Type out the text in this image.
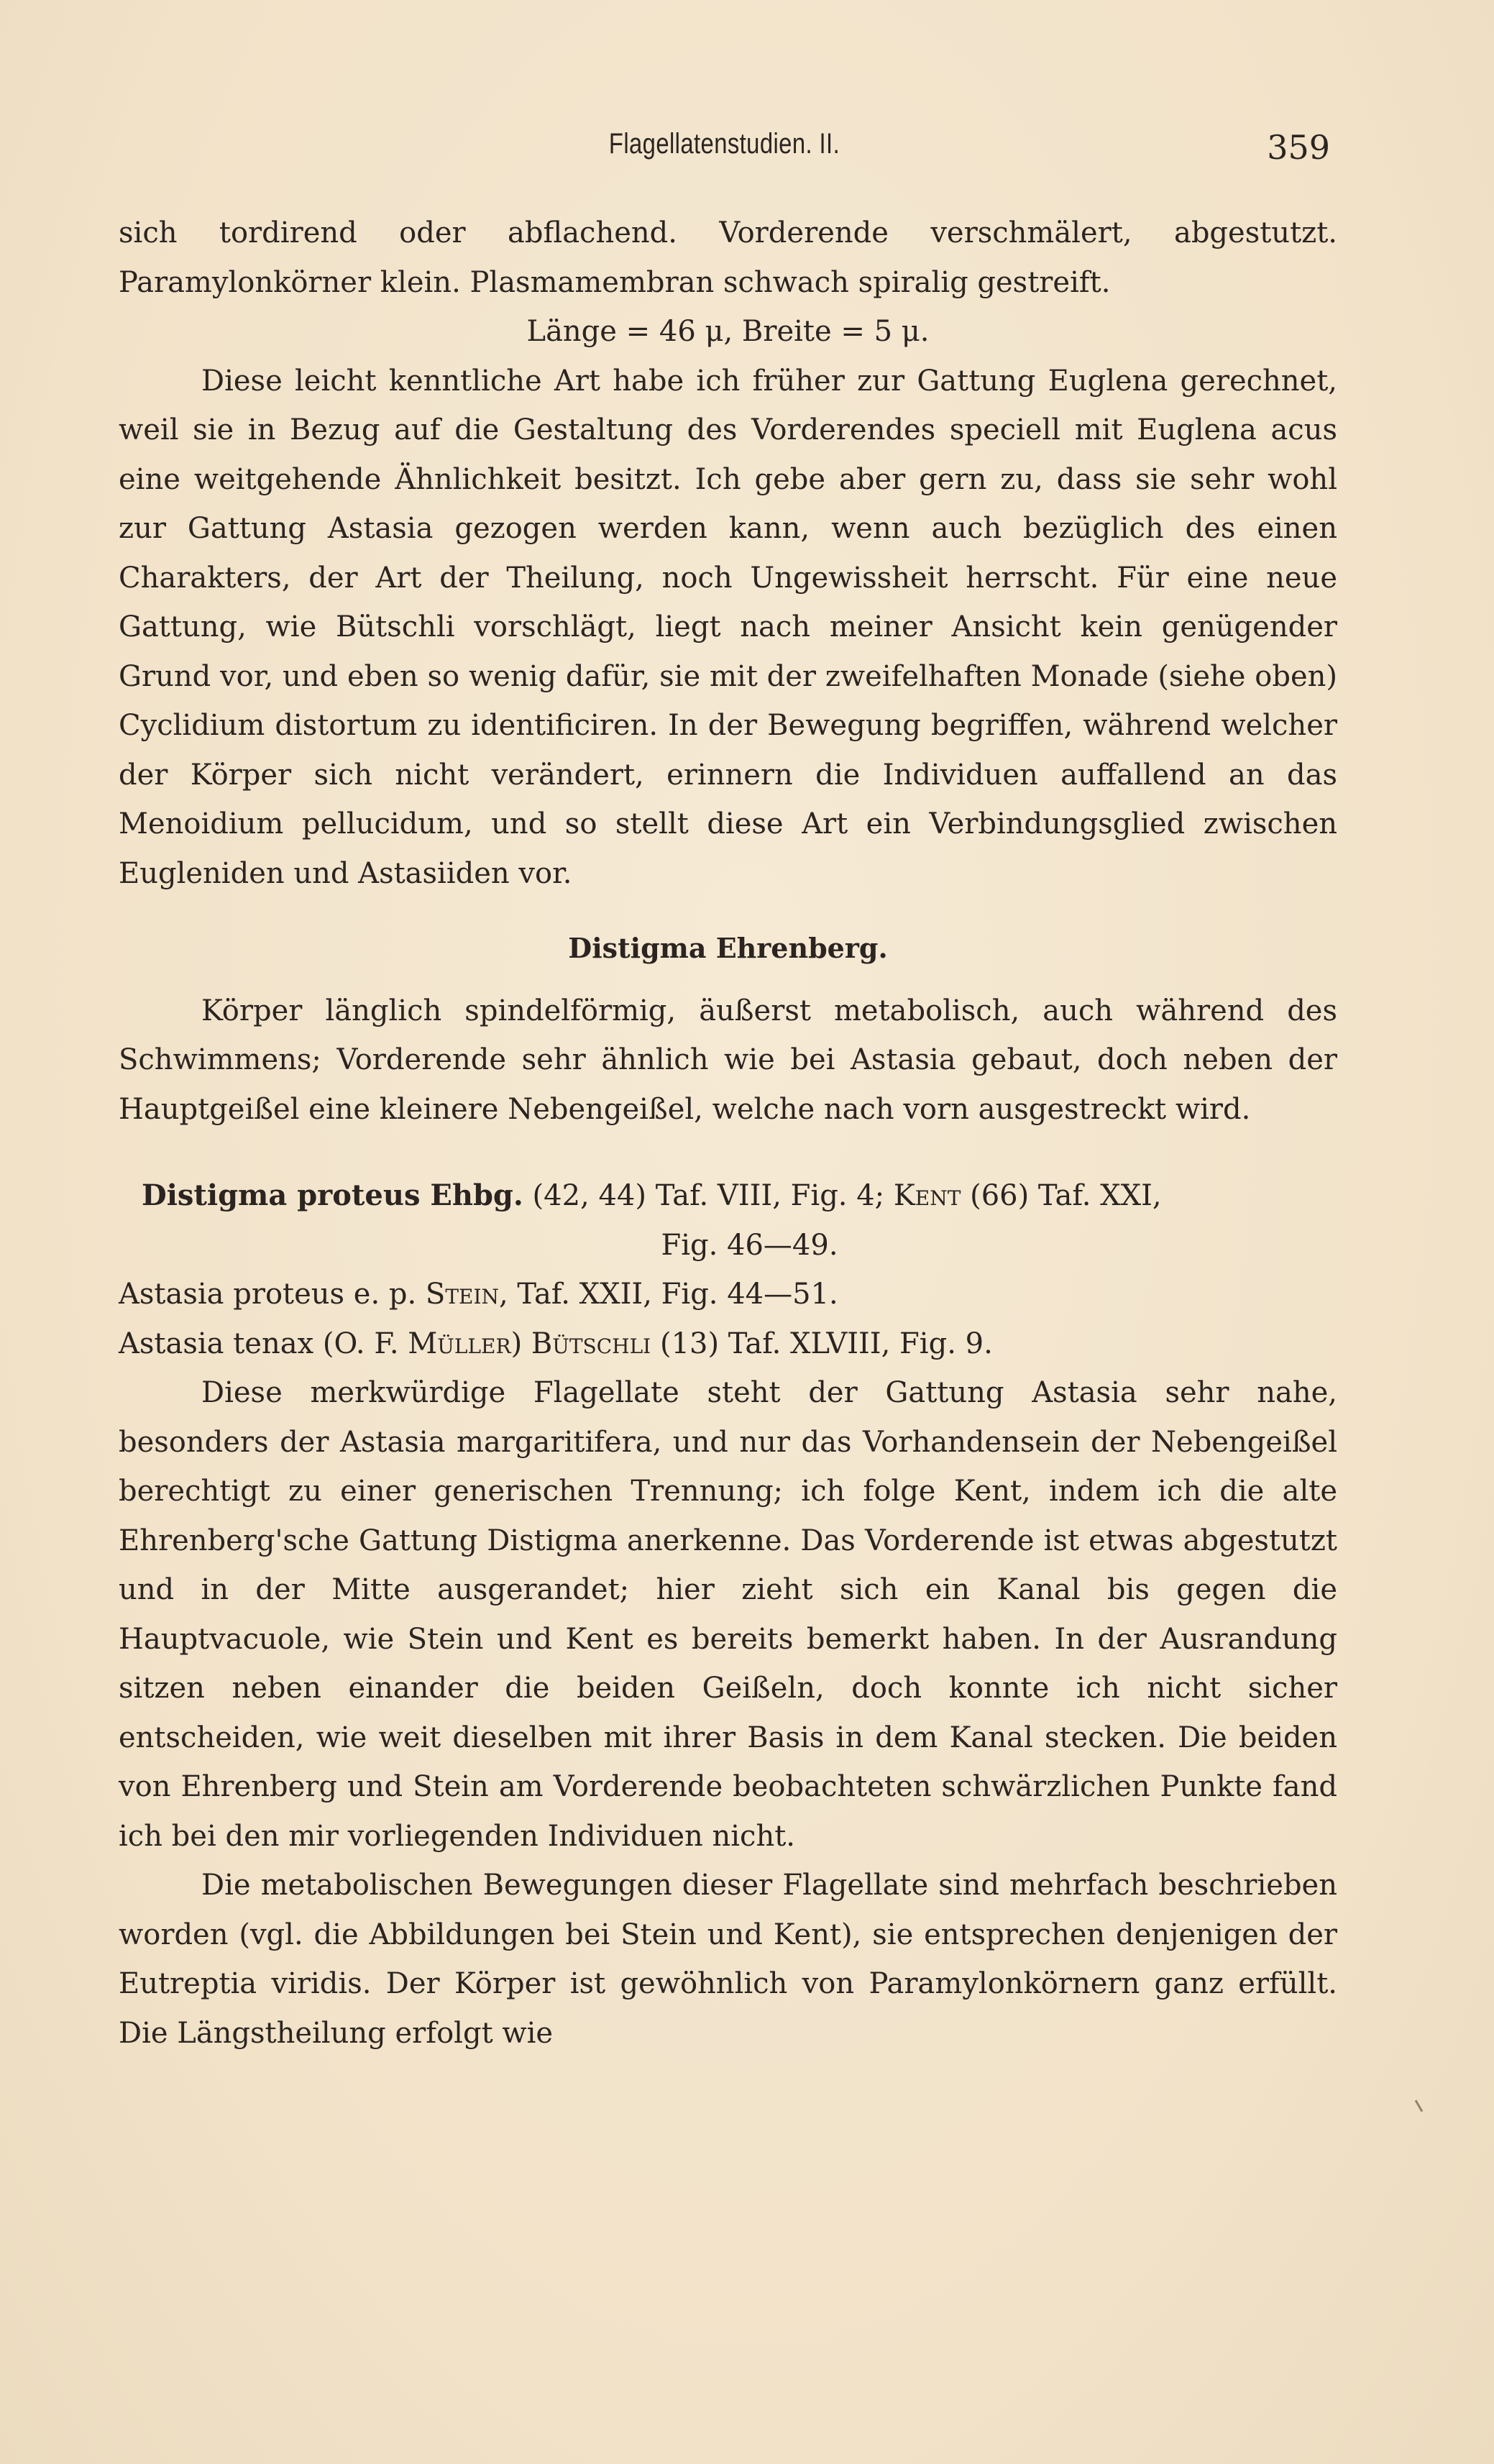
Flagellatenstudien. II.	359

sich tordirend oder abflachend. Vorderende verschmälert, abgestutzt. Paramylonkörner klein. Plasmamembran schwach spiralig gestreift.

Länge = 46 μ, Breite = 5 μ.

Diese leicht kenntliche Art habe ich früher zur Gattung Euglena gerechnet, weil sie in Bezug auf die Gestaltung des Vorderendes speciell mit Euglena acus eine weitgehende Ähnlichkeit besitzt. Ich gebe aber gern zu, dass sie sehr wohl zur Gattung Astasia gezogen werden kann, wenn auch bezüglich des einen Charakters, der Art der Theilung, noch Ungewissheit herrscht. Für eine neue Gattung, wie Bütschli vorschlägt, liegt nach meiner Ansicht kein genügender Grund vor, und eben so wenig dafür, sie mit der zweifelhaften Monade (siehe oben) Cyclidium distortum zu identificiren. In der Bewegung begriffen, während welcher der Körper sich nicht verändert, erinnern die Individuen auffallend an das Menoidium pellucidum, und so stellt diese Art ein Verbindungsglied zwischen Eugleniden und Astasiiden vor.

Distigma Ehrenberg.

Körper länglich spindelförmig, äußerst metabolisch, auch während des Schwimmens; Vorderende sehr ähnlich wie bei Astasia gebaut, doch neben der Hauptgeißel eine kleinere Nebengeißel, welche nach vorn ausgestreckt wird.

Distigma proteus Ehbg. (42, 44) Taf. VIII, Fig. 4; Kent (66) Taf. XXI,

Fig. 46—49.

Astasia proteus e. p. Stein, Taf. XXII, Fig. 44—51.

Astasia tenax (O. F. Müller) Bütschli (13) Taf. XLVIII, Fig. 9.

Diese merkwürdige Flagellate steht der Gattung Astasia sehr nahe, besonders der Astasia margaritifera, und nur das Vorhandensein der Nebengeißel berechtigt zu einer generischen Trennung; ich folge Kent, indem ich die alte Ehrenberg'sche Gattung Distigma anerkenne. Das Vorderende ist etwas abgestutzt und in der Mitte ausgerandet; hier zieht sich ein Kanal bis gegen die Hauptvacuole, wie Stein und Kent es bereits bemerkt haben. In der Ausrandung sitzen neben einander die beiden Geißeln, doch konnte ich nicht sicher entscheiden, wie weit dieselben mit ihrer Basis in dem Kanal stecken. Die beiden von Ehrenberg und Stein am Vorderende beobachteten schwärzlichen Punkte fand ich bei den mir vorliegenden Individuen nicht.

Die metabolischen Bewegungen dieser Flagellate sind mehrfach beschrieben worden (vgl. die Abbildungen bei Stein und Kent), sie entsprechen denjenigen der Eutreptia viridis. Der Körper ist gewöhnlich von Paramylonkörnern ganz erfüllt. Die Längstheilung erfolgt wie
